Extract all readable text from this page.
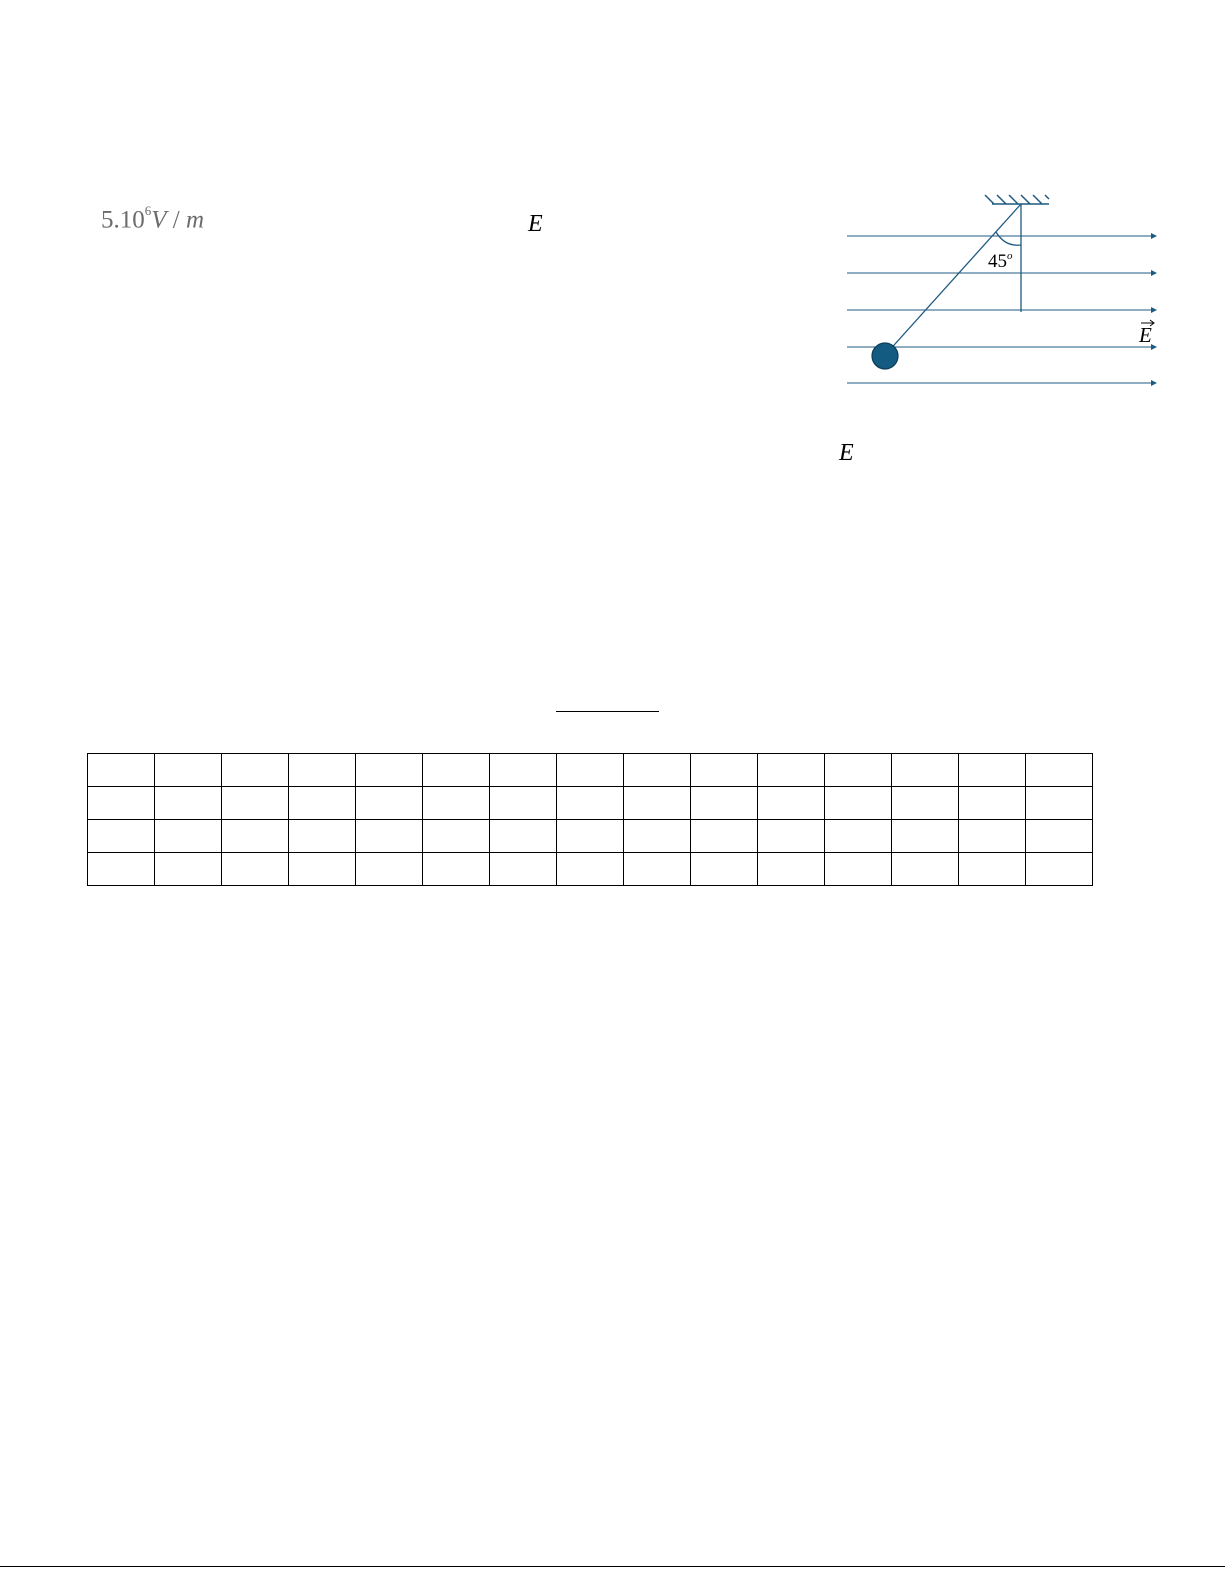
5.10$^6$V / m	E
E
45$^o$
E
